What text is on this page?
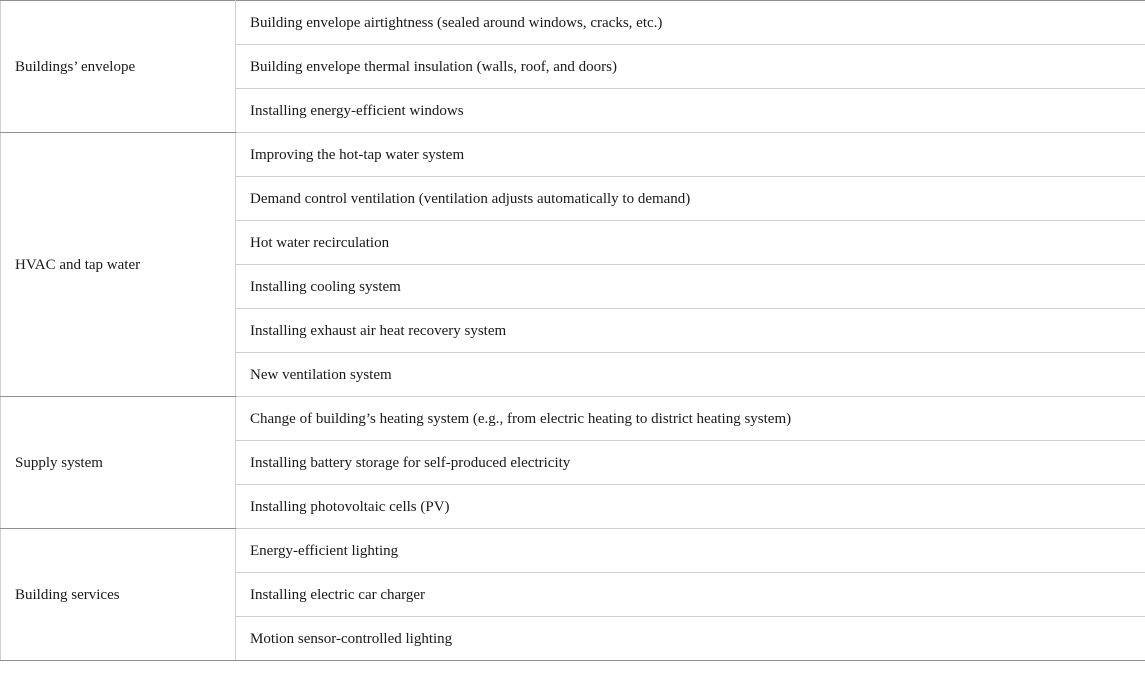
Buildings’ envelope	Building envelope airtightness (sealed around windows, cracks, etc.)
	Building envelope thermal insulation (walls, roof, and doors)
	Installing energy-efficient windows
HVAC and tap water	Improving the hot-tap water system
	Demand control ventilation (ventilation adjusts automatically to demand)
	Hot water recirculation
	Installing cooling system
	Installing exhaust air heat recovery system
	New ventilation system
Supply system	Change of building’s heating system (e.g., from electric heating to district heating system)
	Installing battery storage for self-produced electricity
	Installing photovoltaic cells (PV)
Building services	Energy-efficient lighting
	Installing electric car charger
	Motion sensor-controlled lighting
